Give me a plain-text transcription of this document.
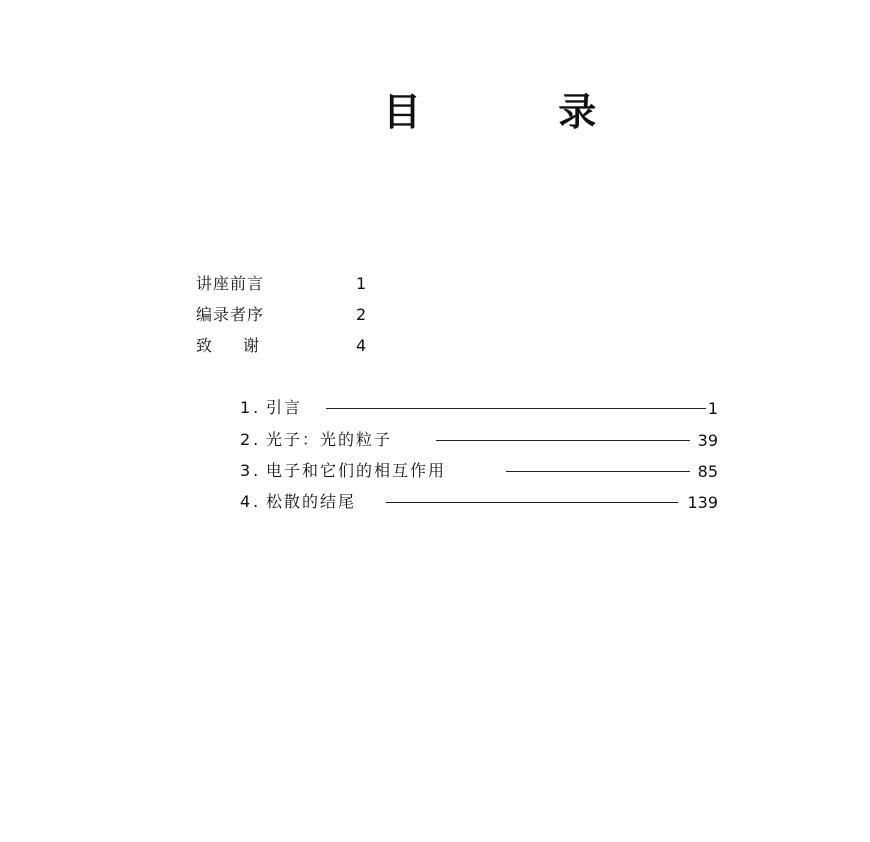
目 录
讲座前言	1
编录者序	2
致谢	4
1. 引言	1
2. 光子：光的粒子	39
3. 电子和它们的相互作用	85
4. 松散的结尾	139
